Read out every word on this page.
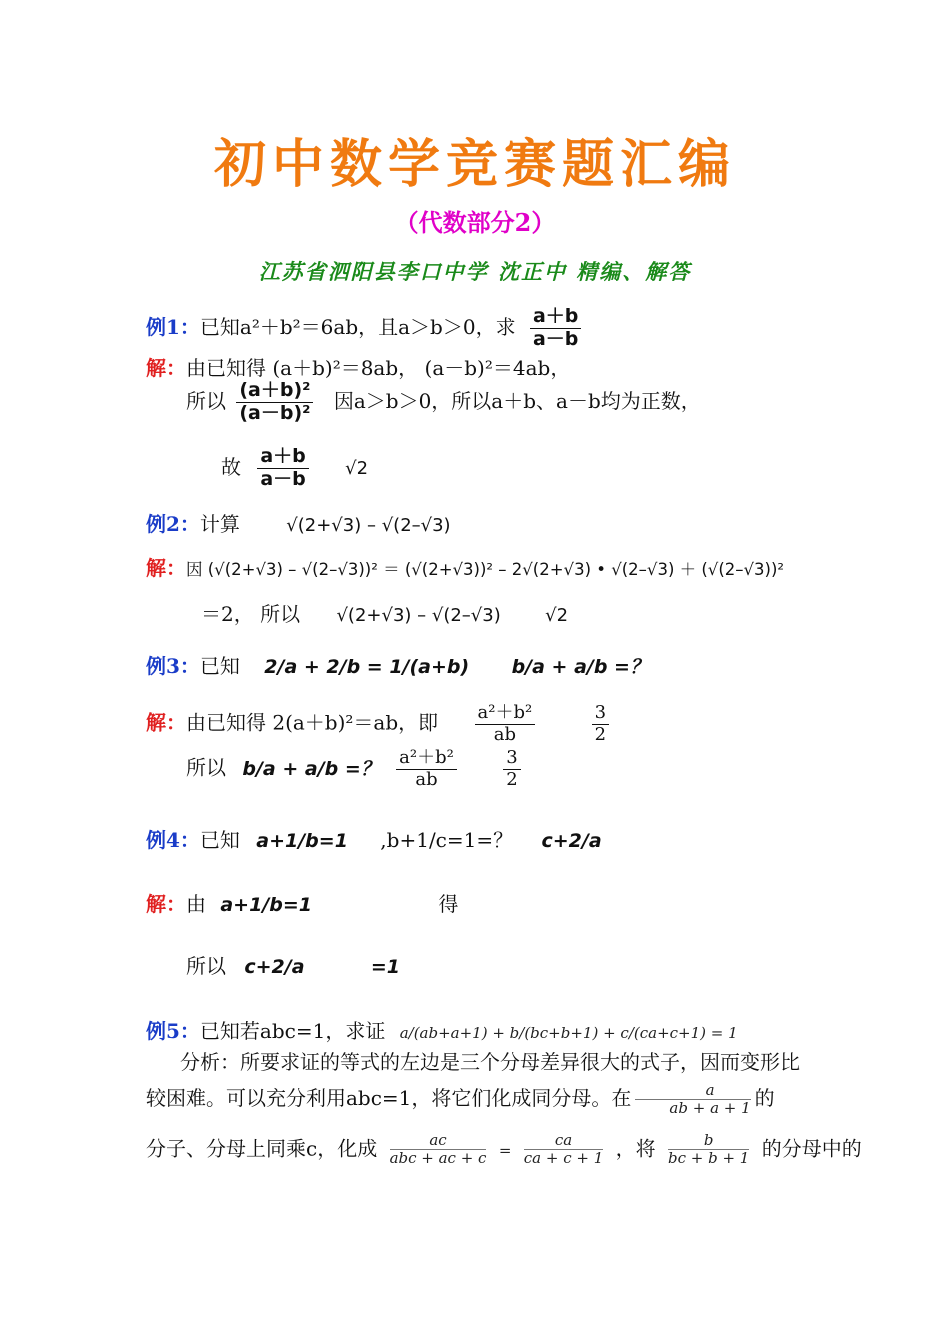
初中数学竞赛题汇编
（代数部分2）
江苏省泗阳县李口中学 沈正中 精编、解答
例1：已知a²＋b²＝6ab，且a＞b＞0，求 $\frac{a+b}{a-b}$
解：由已知得 (a＋b)²＝8ab， (a－b)²＝4ab，
所以 $\frac{\text{(a＋b)²}}{\text{(a－b)²}}$ 因a＞b＞0，所以a＋b、a－b均为正数，
故 $\frac{a+b}{a-b} √2$
例2：计算	√(2+√3) – √(2–√3)
解：因 (√(2+√3) – √(2–√3))² ＝ (√(2+√3))² – 2√(2+√3) • √(2–√3) ＋ (√(2–√3))²
＝2， 所以 √(2+√3) – √(2–√3) √2
例3：已知 2/a + 2/b = 1/(a+b) b/a + a/b =？
解：由已知得 2(a＋b)²＝ab，即 $\frac{\text{a²＋b²}}{ab}$
	$\frac{3}{2}$
所以 b/a + a/b =？ $\frac{\text{a²＋b²}}{ab}$
	$\frac{3}{2}$
例4：已知 a+1/b=1 ,b+1/c=1=？ c+2/a
解：由 a+1/b=1	得
所以 c+2/a	=1
例5：已知若abc=1，求证 a/(ab+a+1) + b/(bc+b+1) + c/(ca+c+1) = 1
分析：所要求证的等式的左边是三个分母差异很大的式子，因而变形比较困难。可以充分利用abc=1，将它们化成同分母。在 $\frac{a}{ab + a + 1}$ 的
分子、分母上同乘c，化成 $\frac{ac}{\text{abc + ac + c}} = \frac{ca}{ca + c + 1}$ ，将 $\frac{b}{bc + b + 1}$ 的分母中的
